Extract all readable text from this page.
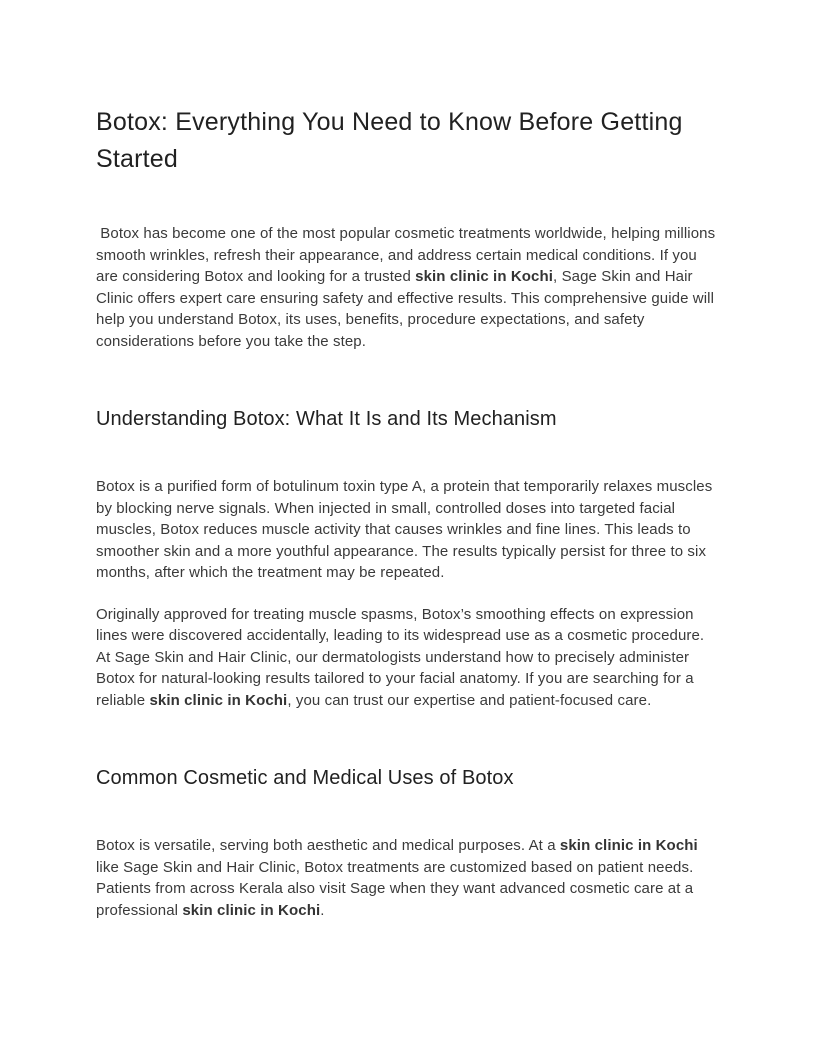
Botox: Everything You Need to Know Before Getting Started

Botox has become one of the most popular cosmetic treatments worldwide, helping millions smooth wrinkles, refresh their appearance, and address certain medical conditions. If you are considering Botox and looking for a trusted skin clinic in Kochi, Sage Skin and Hair Clinic offers expert care ensuring safety and effective results. This comprehensive guide will help you understand Botox, its uses, benefits, procedure expectations, and safety considerations before you take the step.

Understanding Botox: What It Is and Its Mechanism

Botox is a purified form of botulinum toxin type A, a protein that temporarily relaxes muscles by blocking nerve signals. When injected in small, controlled doses into targeted facial muscles, Botox reduces muscle activity that causes wrinkles and fine lines. This leads to smoother skin and a more youthful appearance. The results typically persist for three to six months, after which the treatment may be repeated.

Originally approved for treating muscle spasms, Botox’s smoothing effects on expression lines were discovered accidentally, leading to its widespread use as a cosmetic procedure. At Sage Skin and Hair Clinic, our dermatologists understand how to precisely administer Botox for natural-looking results tailored to your facial anatomy. If you are searching for a reliable skin clinic in Kochi, you can trust our expertise and patient-focused care.

Common Cosmetic and Medical Uses of Botox

Botox is versatile, serving both aesthetic and medical purposes. At a skin clinic in Kochi like Sage Skin and Hair Clinic, Botox treatments are customized based on patient needs. Patients from across Kerala also visit Sage when they want advanced cosmetic care at a professional skin clinic in Kochi.
